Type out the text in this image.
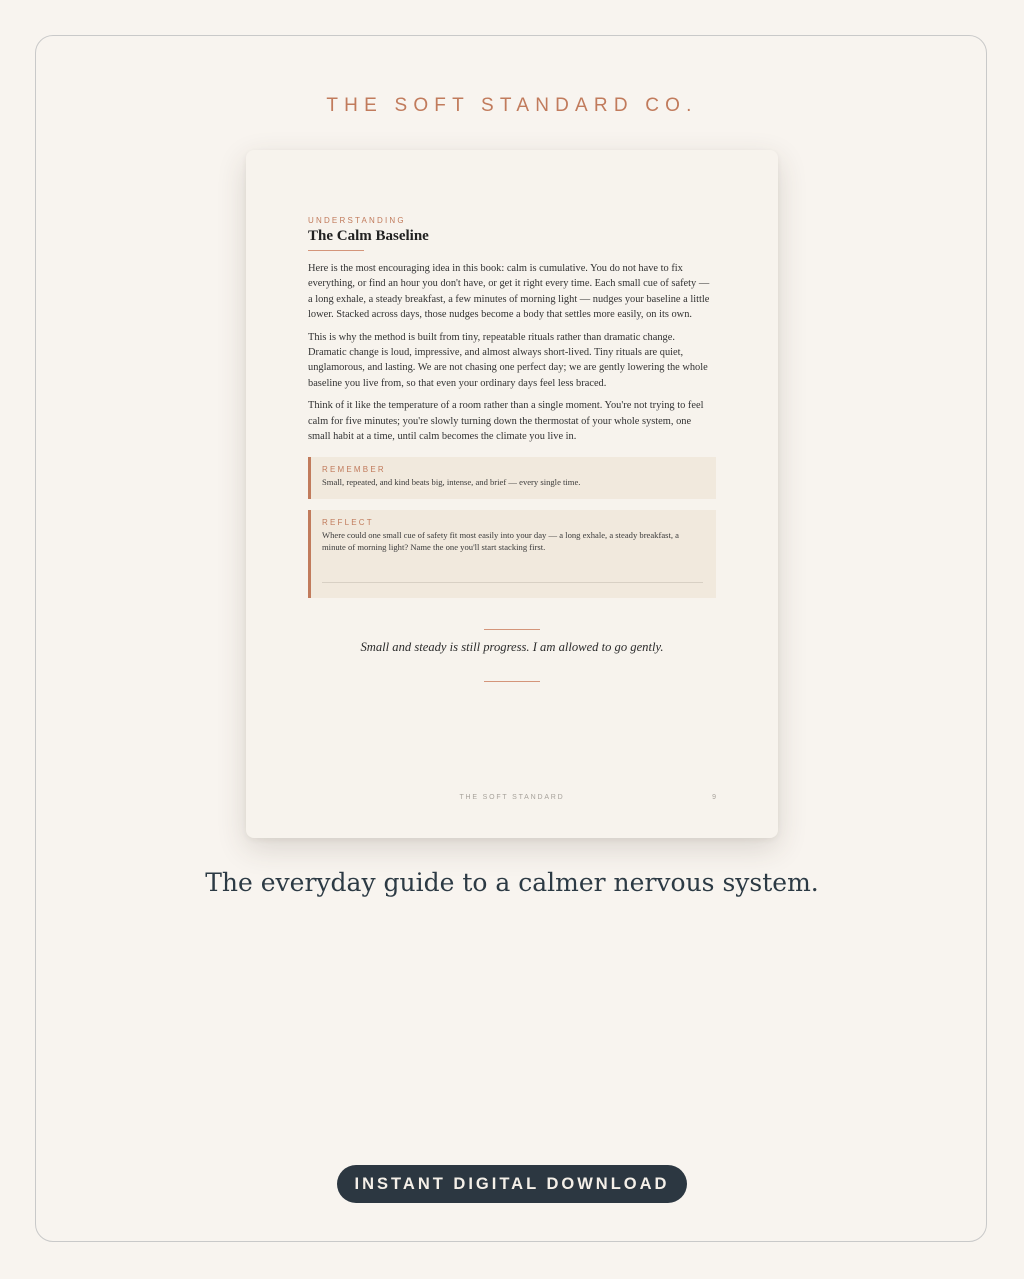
THE SOFT STANDARD CO.

UNDERSTANDING

The Calm Baseline

Here is the most encouraging idea in this book: calm is cumulative. You do not have to fix everything, or find an hour you don't have, or get it right every time. Each small cue of safety — a long exhale, a steady breakfast, a few minutes of morning light — nudges your baseline a little lower. Stacked across days, those nudges become a body that settles more easily, on its own.

This is why the method is built from tiny, repeatable rituals rather than dramatic change. Dramatic change is loud, impressive, and almost always short-lived. Tiny rituals are quiet, unglamorous, and lasting. We are not chasing one perfect day; we are gently lowering the whole baseline you live from, so that even your ordinary days feel less braced.

Think of it like the temperature of a room rather than a single moment. You're not trying to feel calm for five minutes; you're slowly turning down the thermostat of your whole system, one small habit at a time, until calm becomes the climate you live in.

REMEMBER

Small, repeated, and kind beats big, intense, and brief — every single time.

REFLECT

Where could one small cue of safety fit most easily into your day — a long exhale, a steady breakfast, a minute of morning light? Name the one you'll start stacking first.

Small and steady is still progress. I am allowed to go gently.

THE SOFT STANDARD	9

The everyday guide to a calmer nervous system.

INSTANT DIGITAL DOWNLOAD
